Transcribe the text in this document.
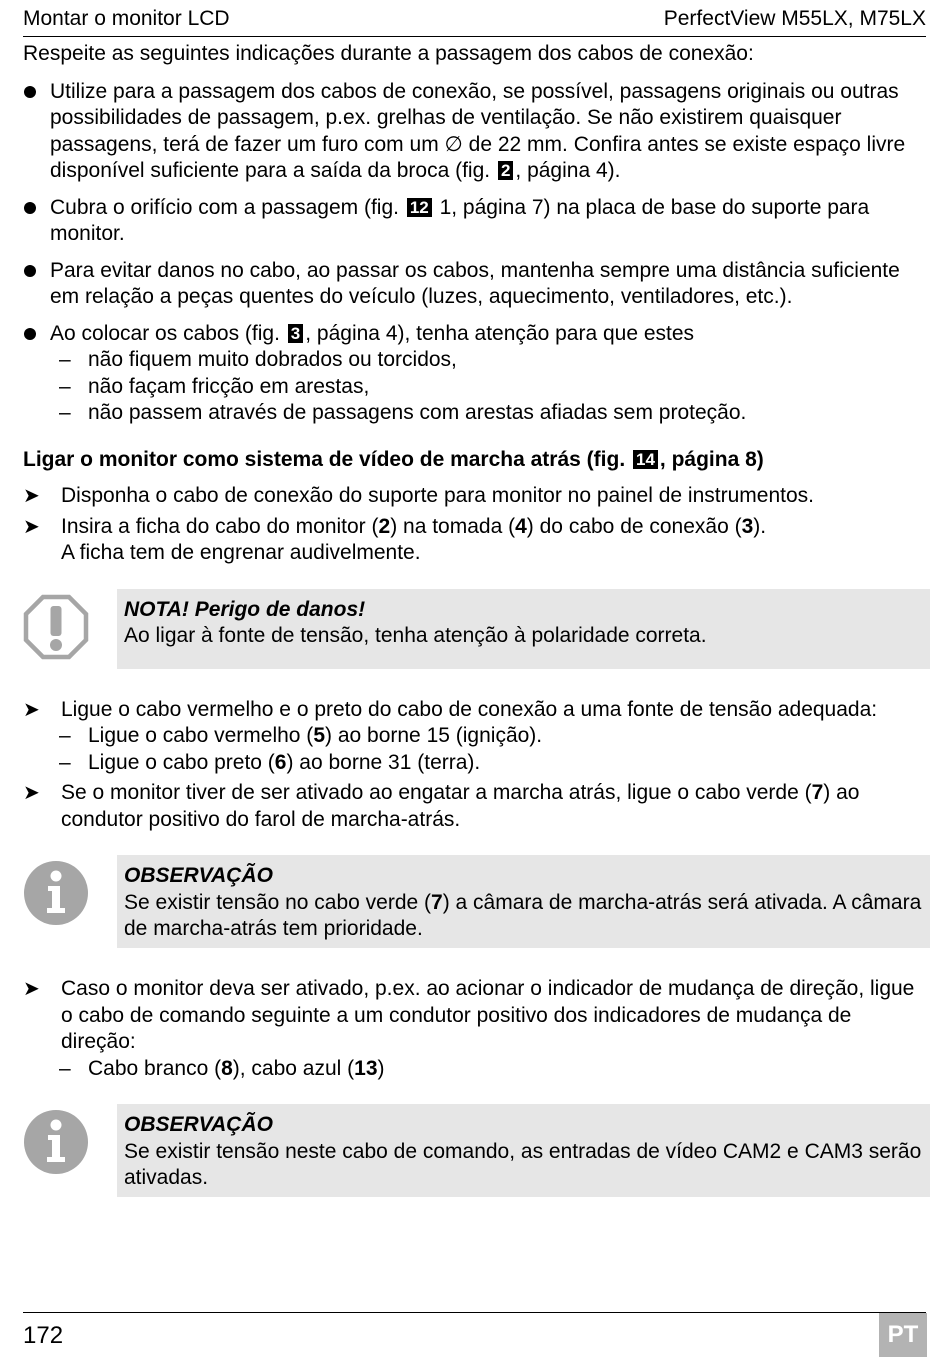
Montar o monitor LCD	PerfectView M55LX, M75LX

Respeite as seguintes indicações durante a passagem dos cabos de conexão:

Utilize para a passagem dos cabos de conexão, se possível, passagens originais ou outras possibilidades de passagem, p.ex. grelhas de ventilação. Se não existirem quaisquer passagens, terá de fazer um furo com um ∅ de 22 mm. Confira antes se existe espaço livre disponível suficiente para a saída da broca (fig. 2 , página 4).
Cubra o orifício com a passagem (fig. 12 1, página 7) na placa de base do suporte para monitor.
Para evitar danos no cabo, ao passar os cabos, mantenha sempre uma distância suficiente em relação a peças quentes do veículo (luzes, aquecimento, ventiladores, etc.).
Ao colocar os cabos (fig. 3 , página 4), tenha atenção para que estes
– não fiquem muito dobrados ou torcidos,
– não façam fricção em arestas,
– não passem através de passagens com arestas afiadas sem proteção.

Ligar o monitor como sistema de vídeo de marcha atrás (fig. 14 , página 8)

➤ Disponha o cabo de conexão do suporte para monitor no painel de instrumentos.
➤ Insira a ficha do cabo do monitor (2) na tomada (4) do cabo de conexão (3).
A ficha tem de engrenar audivelmente.
NOTA! Perigo de danos!
Ao ligar à fonte de tensão, tenha atenção à polaridade correta.
➤ Ligue o cabo vermelho e o preto do cabo de conexão a uma fonte de tensão adequada:
– Ligue o cabo vermelho (5) ao borne 15 (ignição).
– Ligue o cabo preto (6) ao borne 31 (terra).
➤ Se o monitor tiver de ser ativado ao engatar a marcha atrás, ligue o cabo verde (7) ao condutor positivo do farol de marcha-atrás.
OBSERVAÇÃO
Se existir tensão no cabo verde (7) a câmara de marcha-atrás será ativada. A câmara de marcha-atrás tem prioridade.
➤ Caso o monitor deva ser ativado, p.ex. ao acionar o indicador de mudança de direção, ligue o cabo de comando seguinte a um condutor positivo dos indicadores de mudança de direção:
– Cabo branco (8), cabo azul (13)
OBSERVAÇÃO
Se existir tensão neste cabo de comando, as entradas de vídeo CAM2 e CAM3 serão ativadas.
172	PT
